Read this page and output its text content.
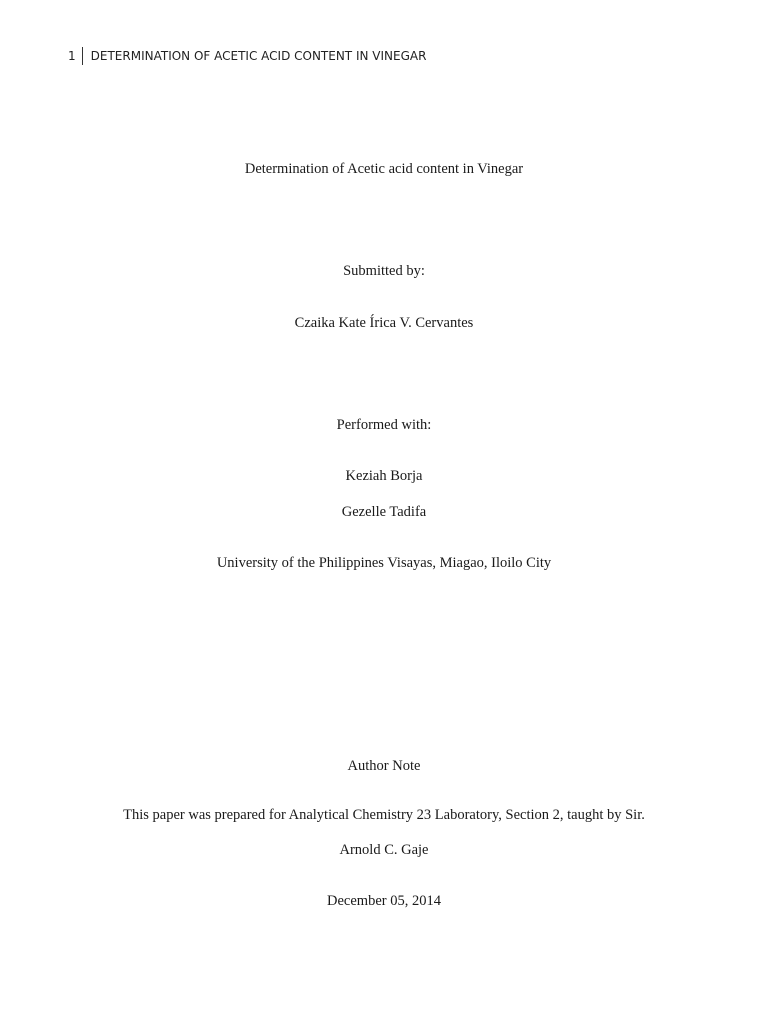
1	DETERMINATION OF ACETIC ACID CONTENT IN VINEGAR
Determination of Acetic acid content in Vinegar
Submitted by:
Czaika Kate Írica V. Cervantes
Performed with:
Keziah Borja
Gezelle Tadifa
University of the Philippines Visayas, Miagao, Iloilo City
Author Note
This paper was prepared for Analytical Chemistry 23 Laboratory, Section 2, taught by Sir.
Arnold C. Gaje
December 05, 2014
